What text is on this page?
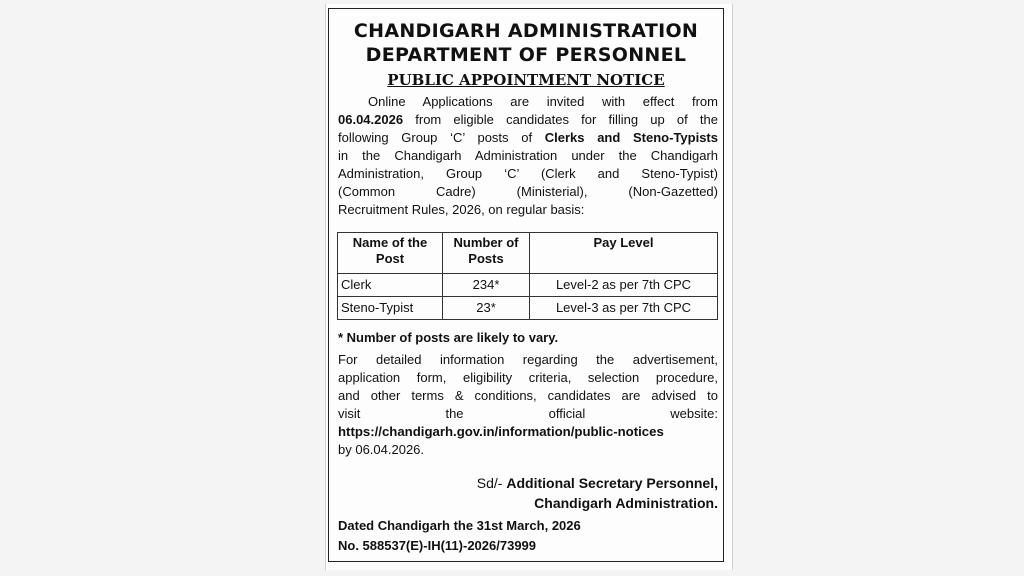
CHANDIGARH ADMINISTRATION
DEPARTMENT OF PERSONNEL
PUBLIC APPOINTMENT NOTICE
Online Applications are invited with effect from
06.04.2026 from eligible candidates for filling up of the
following Group ‘C’ posts of Clerks and Steno-Typists
in the Chandigarh Administration under the Chandigarh
Administration, Group ‘C’ (Clerk and Steno-Typist)
(Common Cadre) (Ministerial), (Non-Gazetted)
Recruitment Rules, 2026, on regular basis:
Name of the Post	Number of Posts	Pay Level
Clerk	234*	Level-2 as per 7th CPC
Steno-Typist	23*	Level-3 as per 7th CPC
* Number of posts are likely to vary.
For detailed information regarding the advertisement,
application form, eligibility criteria, selection procedure,
and other terms & conditions, candidates are advised to
visit	the	official	website:
https://chandigarh.gov.in/information/public-notices
by 06.04.2026.
Sd/- Additional Secretary Personnel,
Chandigarh Administration.
Dated Chandigarh the 31st March, 2026
No. 588537(E)-IH(11)-2026/73999
